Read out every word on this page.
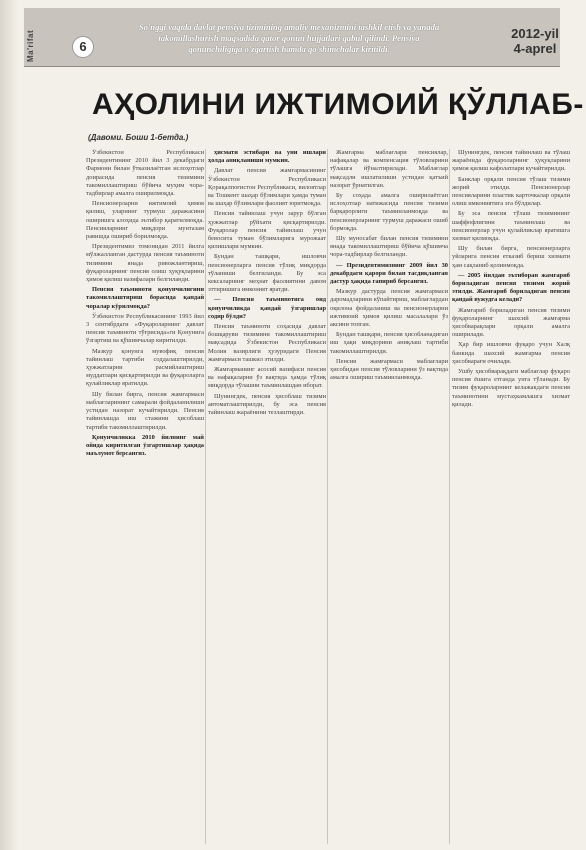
Ma'rifat	6
So'nggi vaqtda davlat pensiya tizimining amaliy mexanizmini tashkil etish va yanada takomillashtirish maqsadida qator qonun hujjatlari qabul qilindi. Pensiya qonunchiligiga o'zgartish hamda qo'shimchalar kiritildi.
2012-yil
4-aprel
АҲОЛИНИ ИЖТИМОИЙ ҚЎЛЛАБ-
(Давоми. Боши 1-бетда.)

Ўзбекистон Республикаси Президентининг 2010 йил 3 декабрдаги Фармони билан ўтказилаётган ислоҳотлар доирасида пенсия тизимини такомиллаштириш бўйича муҳим чора-тадбирлар амалга оширилмоқда.

Пенсионерларни ижтимоий ҳимоя қилиш, уларнинг турмуш даражасини оширишга алоҳида эътибор қаратилмоқда. Пенсияларнинг миқдори мунтазам равишда ошириб борилмоқда.

Президентимиз томонидан 2011 йилга мўлжалланган дастурда пенсия таъминоти тизимини янада ривожлантириш, фуқароларнинг пенсия олиш ҳуқуқларини ҳимоя қилиш вазифалари белгиланди.

Пенсия таъминоти қонунчилигини такомиллаштириш борасида қандай чоралар кўрилмоқда?

Ўзбекистон Республикасининг 1993 йил 3 сентябрдаги «Фуқароларнинг давлат пенсия таъминоти тўғрисида»ги Қонунига ўзгартиш ва қўшимчалар киритилди.

Мазкур қонунга мувофиқ пенсия тайинлаш тартиби соддалаштирилди, ҳужжатларни расмийлаштириш муддатлари қисқартирилди ва фуқароларга қулайликлар яратилди.

Шу билан бирга, пенсия жамғармаси маблағларининг самарали фойдаланилиши устидан назорат кучайтирилди. Пенсия тайинлашда иш стажини ҳисоблаш тартиби такомиллаштирилди.

Қонунчиликка 2010 йилнинг май ойида киритилган ўзгартишлар ҳақида маълумот берсангиз.

ҳисмати эстибари ва уни ишлари ҳолда аниқланиши мумкин.

Давлат пенсия жамғармасининг Ўзбекистон Республикаси Қорақалпоғистон Республикаси, вилоятлар ва Тошкент шаҳар бўлимлари ҳамда туман ва шаҳар бўлимлари фаолият юритмоқда.

Пенсия тайинлаш учун зарур бўлган ҳужжатлар рўйхати қисқартирилди. Фуқаролар пенсия тайинлаш учун бевосита туман бўлимларига мурожаат қилишлари мумкин.

Бундан ташқари, ишловчи пенсионерларга пенсия тўлиқ миқдорда тўланиши белгиланди. Бу эса кексаларнинг меҳнат фаолиятини давом эттиришига имконият яратди.

— Пенсия таъминотига оид қонунчиликда қандай ўзгаришлар содир бўлди?

Пенсия таъминоти соҳасида давлат бошқаруви тизимини такомиллаштириш мақсадида Ўзбекистон Республикаси Молия вазирлиги ҳузуридаги Пенсия жамғармаси ташкил этилди.

Жамғарманинг асосий вазифаси пенсия ва нафақаларни ўз вақтида ҳамда тўлиқ миқдорда тўлашни таъминлашдан иборат.

Шунингдек, пенсия ҳисоблаш тизими автоматлаштирилди, бу эса пенсия тайинлаш жараёнини тезлаштирди.

Жамғарма маблағлари пенсиялар, нафақалар ва компенсация тўловларини тўлашга йўналтирилади. Маблағлар мақсадли ишлатилиши устидан қатъий назорат ўрнатилган.

Бу соҳада амалга оширилаётган ислоҳотлар натижасида пенсия тизими барқарорлиги таъминланмоқда ва пенсионерларнинг турмуш даражаси ошиб бормоқда.

Шу муносабат билан пенсия тизимини янада такомиллаштириш бўйича қўшимча чора-тадбирлар белгиланди.

— Президентимизнинг 2009 йил 30 декабрдаги қарори билан тасдиқланган дастур ҳақида гапириб берсангиз.

Мазкур дастурда пенсия жамғармаси даромадларини кўпайтириш, маблағлардан оқилона фойдаланиш ва пенсионерларни ижтимоий ҳимоя қилиш масалалари ўз аксини топган.

Бундан ташқари, пенсия ҳисобланадиган иш ҳақи миқдорини аниқлаш тартиби такомиллаштирилди.

Пенсия жамғармаси маблағлари ҳисобидан пенсия тўловларини ўз вақтида амалга ошириш таъминланмоқда.

Шунингдек, пенсия тайинлаш ва тўлаш жараёнида фуқароларнинг ҳуқуқларини ҳимоя қилиш кафолатлари кучайтирилди.

Банклар орқали пенсия тўлаш тизими жорий этилди. Пенсионерлар пенсияларини пластик карточкалар орқали олиш имкониятига эга бўлдилар.

Бу эса пенсия тўлаш тизимининг шаффофлигини таъминлаш ва пенсионерлар учун қулайликлар яратишга хизмат қилмоқда.

Шу билан бирга, пенсионерларга уйларига пенсия етказиб бериш хизмати ҳам сақланиб қолинмоқда.

— 2005 йилдан эътиборан жамғариб бориладиган пенсия тизими жорий этилди. Жамғариб бориладиган пенсия қандай вужудга келади?

Жамғариб бориладиган пенсия тизими фуқароларнинг шахсий жамғарма ҳисобварақлари орқали амалга оширилади.

Ҳар бир ишловчи фуқаро учун Халқ банкида шахсий жамғарма пенсия ҳисобварағи очилади.

Ушбу ҳисобварақдаги маблағлар фуқаро пенсия ёшига етганда унга тўланади. Бу тизим фуқароларнинг келажакдаги пенсия таъминотини мустаҳкамлашга хизмат қилади.
